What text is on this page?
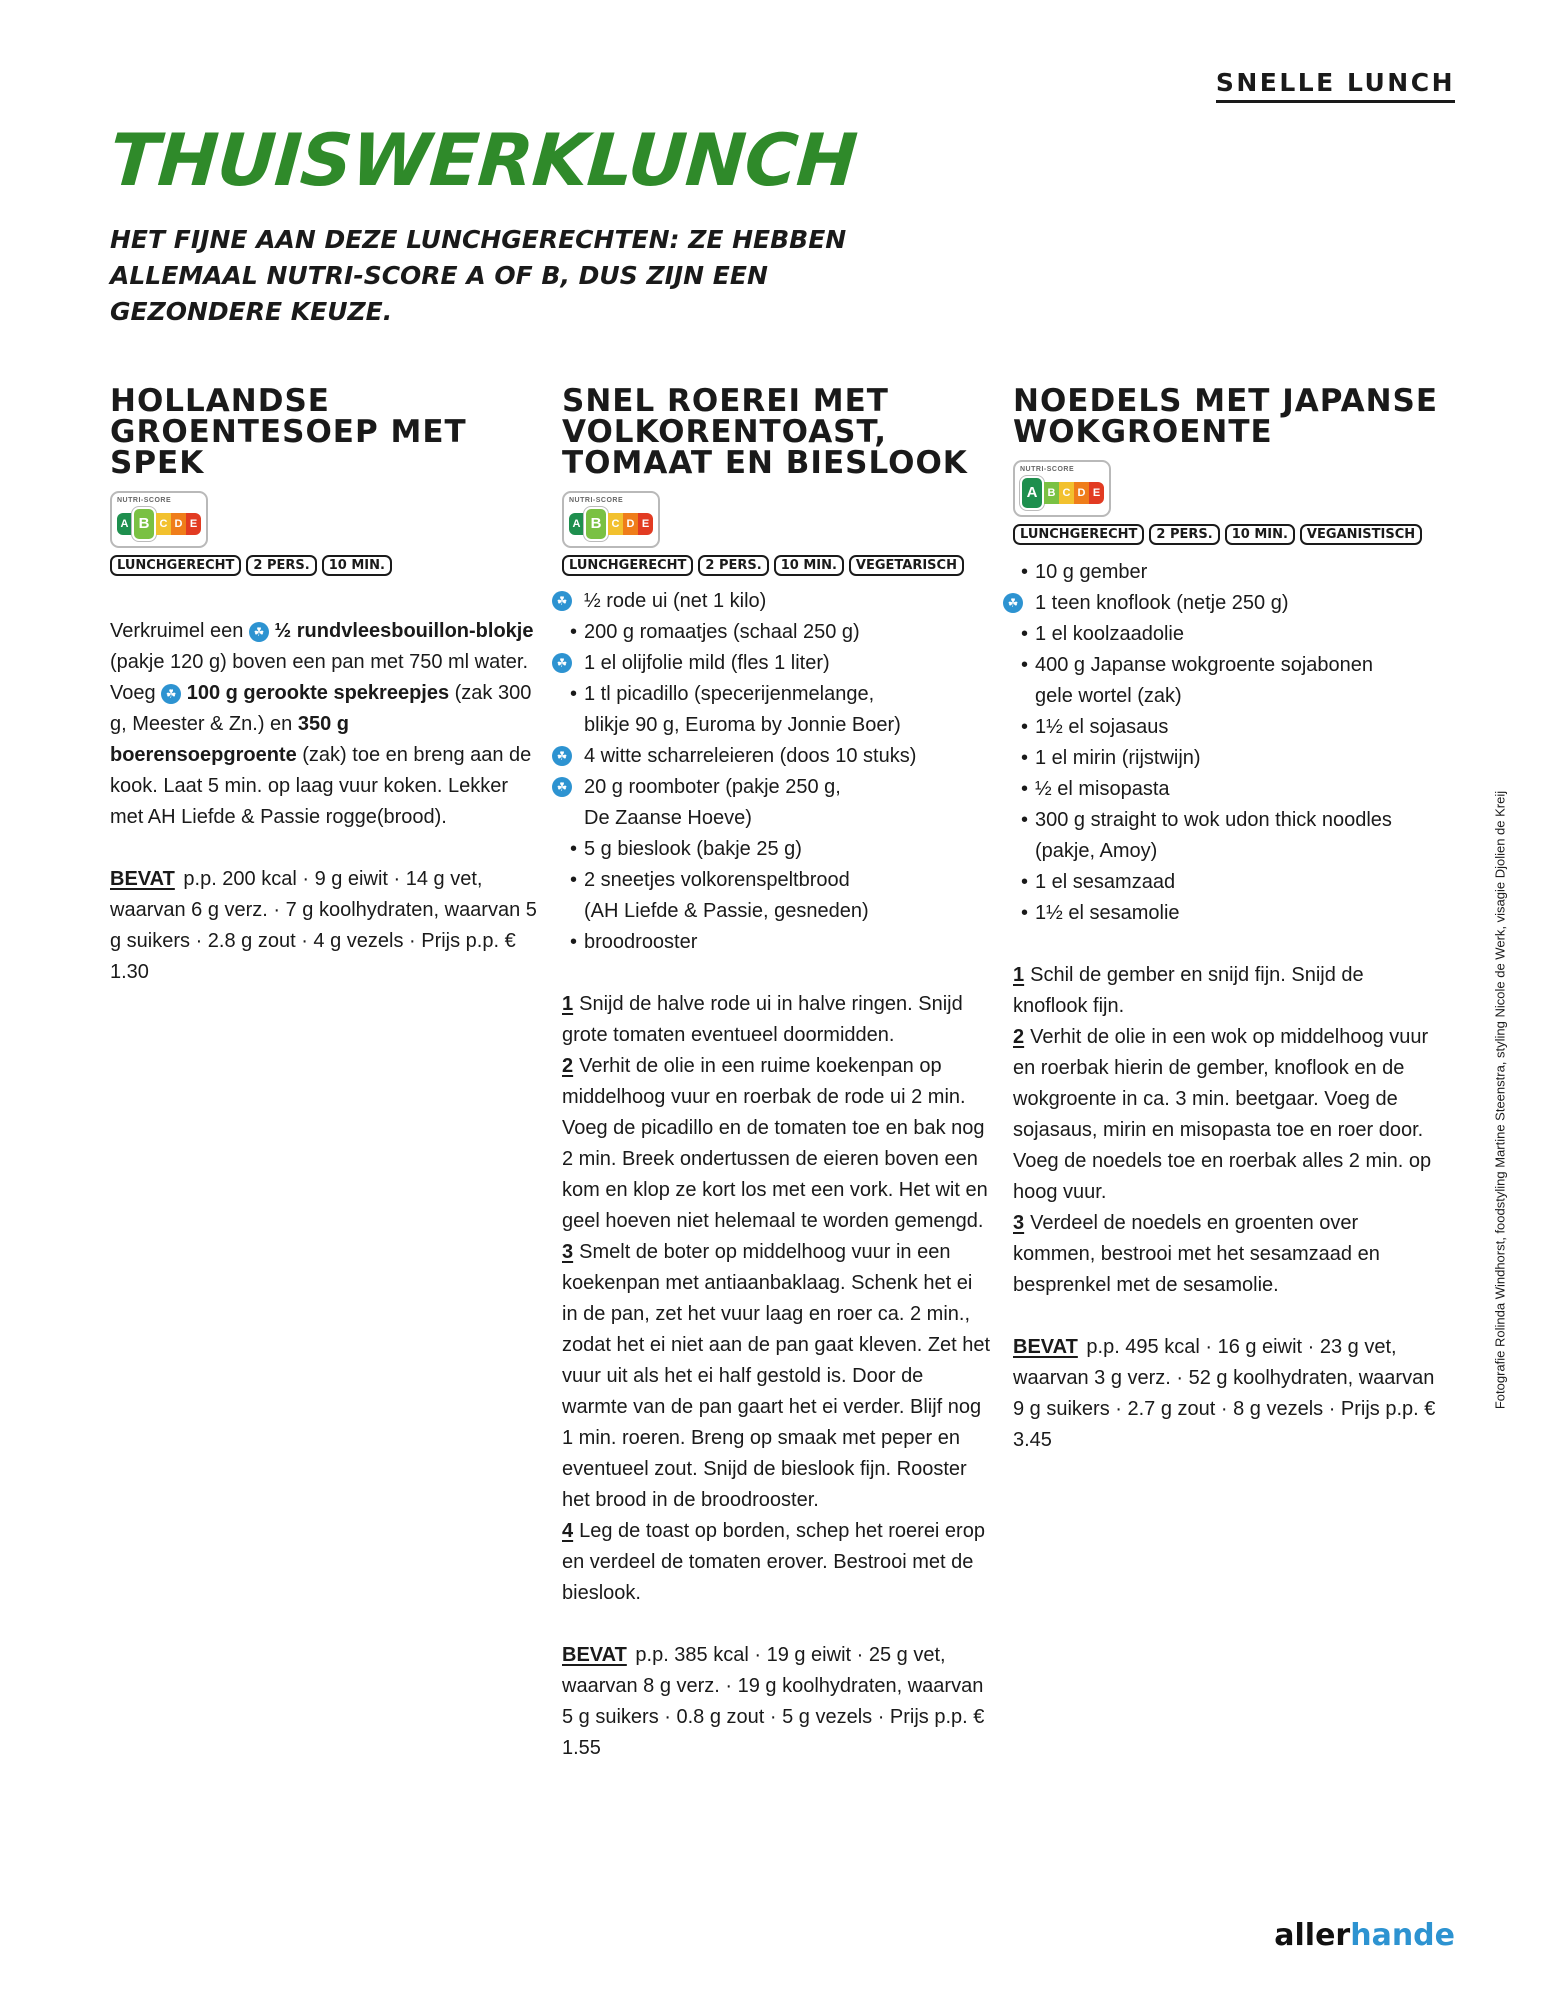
SNELLE LUNCH
THUISWERKLUNCH

HET FIJNE AAN DEZE LUNCHGERECHTEN: ZE HEBBEN ALLEMAAL NUTRI-SCORE A OF B, DUS ZIJN EEN GEZONDERE KEUZE.

HOLLANDSE GROENTESOEP MET SPEK
NUTRI-SCORE
A B C D E
LUNCHGERECHT	2 PERS.	10 MIN.

Verkruimel een ☘ ½ rundvleesbouillon-blokje (pakje 120 g) boven een pan met 750 ml water. Voeg ☘ 100 g gerookte spekreepjes (zak 300 g, Meester & Zn.) en 350 g boerensoepgroente (zak) toe en breng aan de kook. Laat 5 min. op laag vuur koken. Lekker met AH Liefde & Passie rogge(brood).

BEVAT p.p. 200 kcal · 9 g eiwit · 14 g vet, waarvan 6 g verz. · 7 g koolhydraten, waarvan 5 g suikers · 2.8 g zout · 4 g vezels · Prijs p.p. € 1.30

SNEL ROEREI MET VOLKORENTOAST, TOMAAT EN BIESLOOK
NUTRI-SCORE
A B C D E
LUNCHGERECHT	2 PERS.	10 MIN.	VEGETARISCH
☘ ½ rode ui (net 1 kilo)
• 200 g romaatjes (schaal 250 g)
☘ 1 el olijfolie mild (fles 1 liter)
• 1 tl picadillo (specerijenmelange,
blikje 90 g, Euroma by Jonnie Boer)
☘ 4 witte scharreleieren (doos 10 stuks)
☘ 20 g roomboter (pakje 250 g,
De Zaanse Hoeve)
• 5 g bieslook (bakje 25 g)
• 2 sneetjes volkorenspeltbrood
(AH Liefde & Passie, gesneden)
• broodrooster

1 Snijd de halve rode ui in halve ringen. Snijd grote tomaten eventueel doormidden.

2 Verhit de olie in een ruime koekenpan op middelhoog vuur en roerbak de rode ui 2 min. Voeg de picadillo en de tomaten toe en bak nog 2 min. Breek ondertussen de eieren boven een kom en klop ze kort los met een vork. Het wit en geel hoeven niet helemaal te worden gemengd.

3 Smelt de boter op middelhoog vuur in een koekenpan met antiaanbaklaag. Schenk het ei in de pan, zet het vuur laag en roer ca. 2 min., zodat het ei niet aan de pan gaat kleven. Zet het vuur uit als het ei half gestold is. Door de warmte van de pan gaart het ei verder. Blijf nog 1 min. roeren. Breng op smaak met peper en eventueel zout. Snijd de bieslook fijn. Rooster het brood in de broodrooster.

4 Leg de toast op borden, schep het roerei erop en verdeel de tomaten erover. Bestrooi met de bieslook.

BEVAT p.p. 385 kcal · 19 g eiwit · 25 g vet, waarvan 8 g verz. · 19 g koolhydraten, waarvan 5 g suikers · 0.8 g zout · 5 g vezels · Prijs p.p. € 1.55

NOEDELS MET JAPANSE WOKGROENTE
NUTRI-SCORE
A B C D E
LUNCHGERECHT	2 PERS.	10 MIN.	VEGANISTISCH
• 10 g gember
☘ 1 teen knoflook (netje 250 g)
• 1 el koolzaadolie
• 400 g Japanse wokgroente sojabonen
gele wortel (zak)
• 1½ el sojasaus
• 1 el mirin (rijstwijn)
• ½ el misopasta
• 300 g straight to wok udon thick noodles
(pakje, Amoy)
• 1 el sesamzaad
• 1½ el sesamolie

1 Schil de gember en snijd fijn. Snijd de knoflook fijn.

2 Verhit de olie in een wok op middelhoog vuur en roerbak hierin de gember, knoflook en de wokgroente in ca. 3 min. beetgaar. Voeg de sojasaus, mirin en misopasta toe en roer door. Voeg de noedels toe en roerbak alles 2 min. op hoog vuur.

3 Verdeel de noedels en groenten over kommen, bestrooi met het sesamzaad en besprenkel met de sesamolie.

BEVAT p.p. 495 kcal · 16 g eiwit · 23 g vet, waarvan 3 g verz. · 52 g koolhydraten, waarvan 9 g suikers · 2.7 g zout · 8 g vezels · Prijs p.p. € 3.45

Fotografie Rolinda Windhorst, foodstyling Martine Steenstra, styling Nicole de Werk, visagie Djolien de Kreij
allerhande
